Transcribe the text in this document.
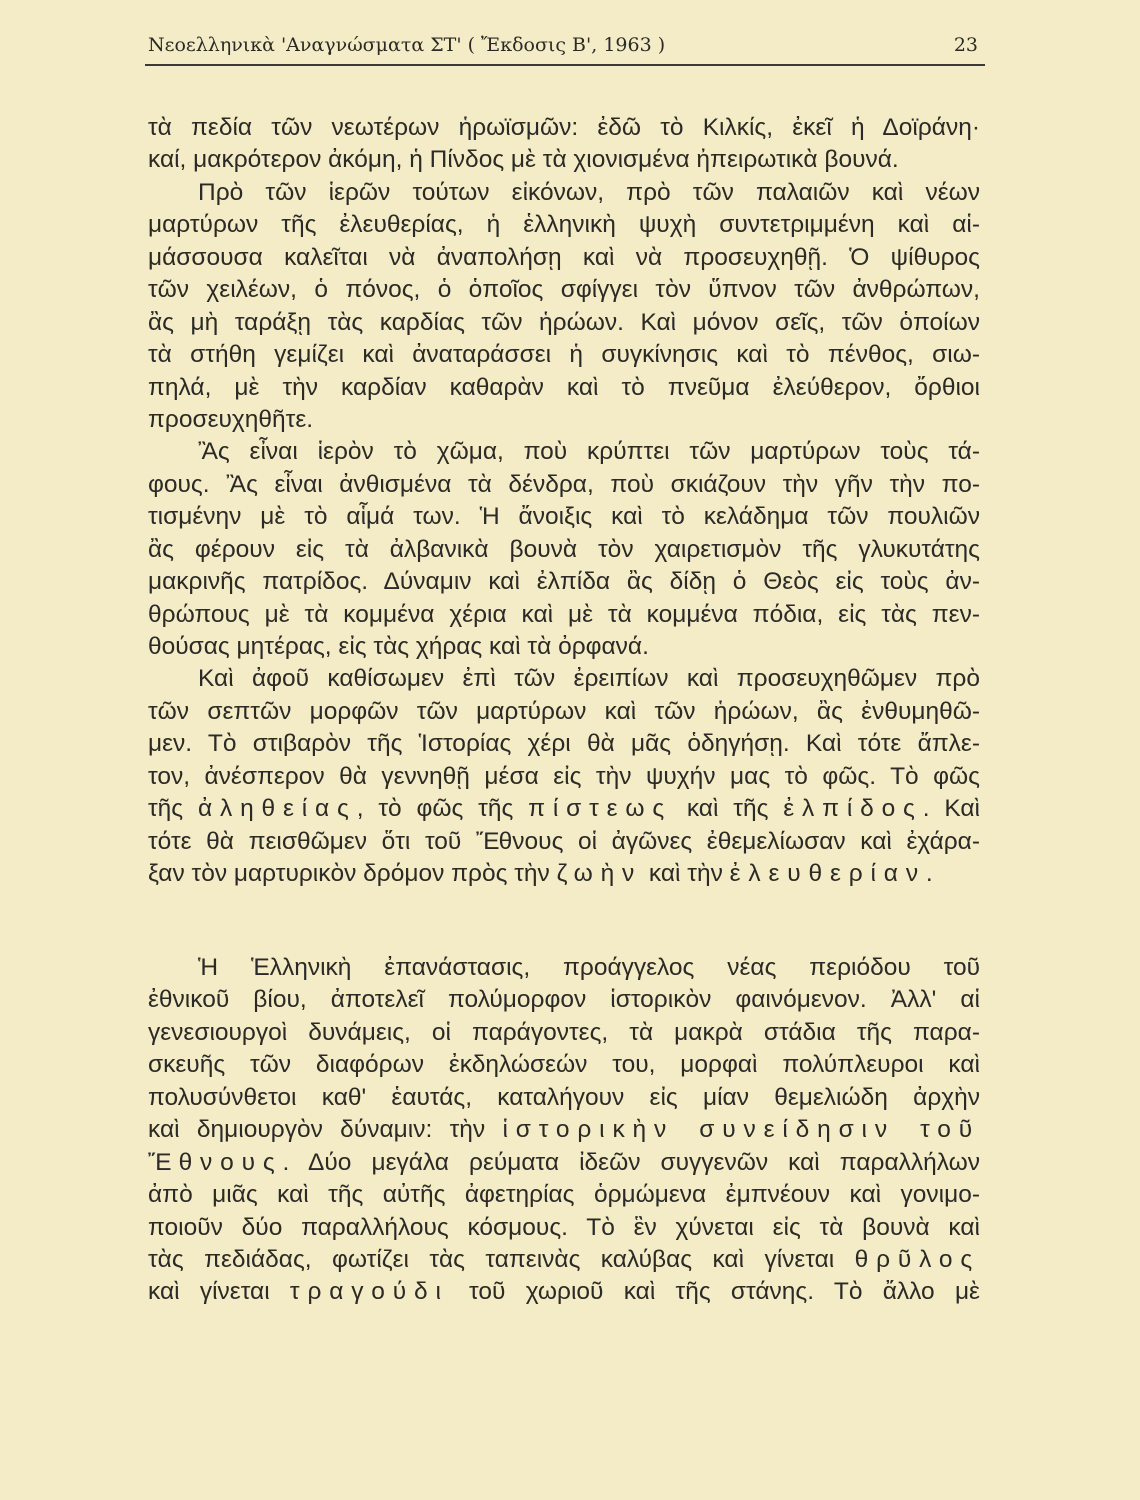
Νεοελληνικὰ 'Αναγνώσματα ΣΤ' ( Ἔκδοσις Β', 1963 )	23
τὰ πεδία τῶν νεωτέρων ἡρωϊσμῶν: ἐδῶ τὸ Κιλκίς, ἐκεῖ ἡ Δοϊράνη·
καί, μακρότερον ἀκόμη, ἡ Πίνδος μὲ τὰ χιονισμένα ἠπειρωτικὰ βουνά.
Πρὸ τῶν ἱερῶν τούτων εἰκόνων, πρὸ τῶν παλαιῶν καὶ νέων
μαρτύρων τῆς ἐλευθερίας, ἡ ἑλληνικὴ ψυχὴ συντετριμμένη καὶ αἱ-
μάσσουσα καλεῖται νὰ ἀναπολήσῃ καὶ νὰ προσευχηθῇ. Ὁ ψίθυρος
τῶν χειλέων, ὁ πόνος, ὁ ὁποῖος σφίγγει τὸν ὕπνον τῶν ἀνθρώπων,
ἂς μὴ ταράξῃ τὰς καρδίας τῶν ἡρώων. Καὶ μόνον σεῖς, τῶν ὁποίων
τὰ στήθη γεμίζει καὶ ἀναταράσσει ἡ συγκίνησις καὶ τὸ πένθος, σιω-
πηλά, μὲ τὴν καρδίαν καθαρὰν καὶ τὸ πνεῦμα ἐλεύθερον, ὄρθιοι
προσευχηθῆτε.
Ἂς εἶναι ἱερὸν τὸ χῶμα, ποὺ κρύπτει τῶν μαρτύρων τοὺς τά-
φους. Ἂς εἶναι ἀνθισμένα τὰ δένδρα, ποὺ σκιάζουν τὴν γῆν τὴν πο-
τισμένην μὲ τὸ αἷμά των. Ἡ ἄνοιξις καὶ τὸ κελάδημα τῶν πουλιῶν
ἂς φέρουν εἰς τὰ ἀλβανικὰ βουνὰ τὸν χαιρετισμὸν τῆς γλυκυτάτης
μακρινῆς πατρίδος. Δύναμιν καὶ ἐλπίδα ἂς δίδῃ ὁ Θεὸς εἰς τοὺς ἀν-
θρώπους μὲ τὰ κομμένα χέρια καὶ μὲ τὰ κομμένα πόδια, εἰς τὰς πεν-
θούσας μητέρας, εἰς τὰς χήρας καὶ τὰ ὀρφανά.
Καὶ ἀφοῦ καθίσωμεν ἐπὶ τῶν ἐρειπίων καὶ προσευχηθῶμεν πρὸ
τῶν σεπτῶν μορφῶν τῶν μαρτύρων καὶ τῶν ἡρώων, ἂς ἐνθυμηθῶ-
μεν. Τὸ στιβαρὸν τῆς Ἱστορίας χέρι θὰ μᾶς ὁδηγήσῃ. Καὶ τότε ἄπλε-
τον, ἀνέσπερον θὰ γεννηθῇ μέσα εἰς τὴν ψυχήν μας τὸ φῶς. Τὸ φῶς
τῆς ἀληθείας, τὸ φῶς τῆς πίστεως καὶ τῆς ἐλπίδος. Καὶ
τότε θὰ πεισθῶμεν ὅτι τοῦ Ἔθνους οἱ ἀγῶνες ἐθεμελίωσαν καὶ ἐχάρα-
ξαν τὸν μαρτυρικὸν δρόμον πρὸς τὴν ζωὴν καὶ τὴν ἐλευθερίαν.
Ἡ Ἑλληνικὴ ἐπανάστασις, προάγγελος νέας περιόδου τοῦ
ἐθνικοῦ βίου, ἀποτελεῖ πολύμορφον ἱστορικὸν φαινόμενον. Ἀλλ' αἱ
γενεσιουργοὶ δυνάμεις, οἱ παράγοντες, τὰ μακρὰ στάδια τῆς παρα-
σκευῆς τῶν διαφόρων ἐκδηλώσεών του, μορφαὶ πολύπλευροι καὶ
πολυσύνθετοι καθ' ἑαυτάς, καταλήγουν εἰς μίαν θεμελιώδη ἀρχὴν
καὶ δημιουργὸν δύναμιν: τὴν ἱστορικὴν συνείδησιν τοῦ
Ἔθνους. Δύο μεγάλα ρεύματα ἰδεῶν συγγενῶν καὶ παραλλήλων
ἀπὸ μιᾶς καὶ τῆς αὐτῆς ἀφετηρίας ὁρμώμενα ἐμπνέουν καὶ γονιμο-
ποιοῦν δύο παραλλήλους κόσμους. Τὸ ἓν χύνεται εἰς τὰ βουνὰ καὶ
τὰς πεδιάδας, φωτίζει τὰς ταπεινὰς καλύβας καὶ γίνεται θρῦλος
καὶ γίνεται τραγούδι τοῦ χωριοῦ καὶ τῆς στάνης. Τὸ ἄλλο μὲ
